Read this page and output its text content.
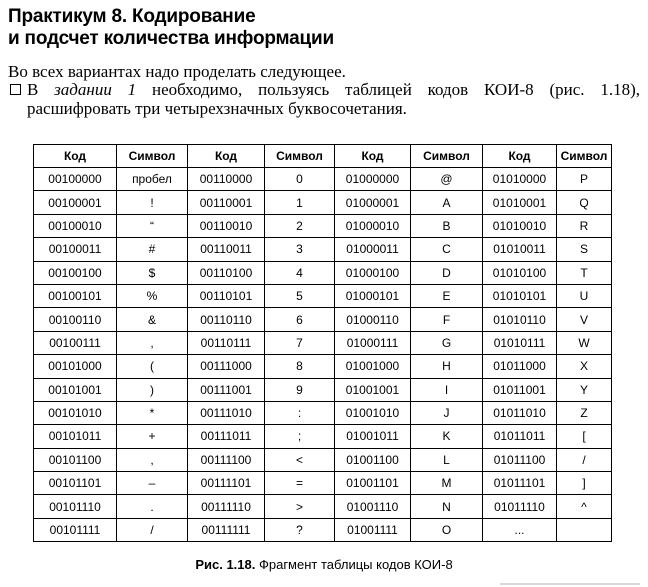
Практикум 8. Кодирование
и подсчет количества информации
Во всех вариантах надо проделать следующее.
В задании 1 необходимо, пользуясь таблицей кодов КОИ-8 (рис. 1.18),
расшифровать три четырехзначных буквосочетания.
Код	Символ	Код	Символ	Код	Символ	Код	Символ
00100000	пробел	00110000	0	01000000	@	01010000	P
00100001	!	00110001	1	01000001	A	01010001	Q
00100010	“	00110010	2	01000010	B	01010010	R
00100011	#	00110011	3	01000011	C	01010011	S
00100100	$	00110100	4	01000100	D	01010100	T
00100101	%	00110101	5	01000101	E	01010101	U
00100110	&	00110110	6	01000110	F	01010110	V
00100111	,	00110111	7	01000111	G	01010111	W
00101000	(	00111000	8	01001000	H	01011000	X
00101001	)	00111001	9	01001001	I	01011001	Y
00101010	*	00111010	:	01001010	J	01011010	Z
00101011	+	00111011	;	01001011	K	01011011	[
00101100	,	00111100	<	01001100	L	01011100	/
00101101	–	00111101	=	01001101	M	01011101	]
00101110	.	00111110	>	01001110	N	01011110	^
00101111	/	00111111	?	01001111	O	...	
Рис. 1.18. Фрагмент таблицы кодов КОИ-8
